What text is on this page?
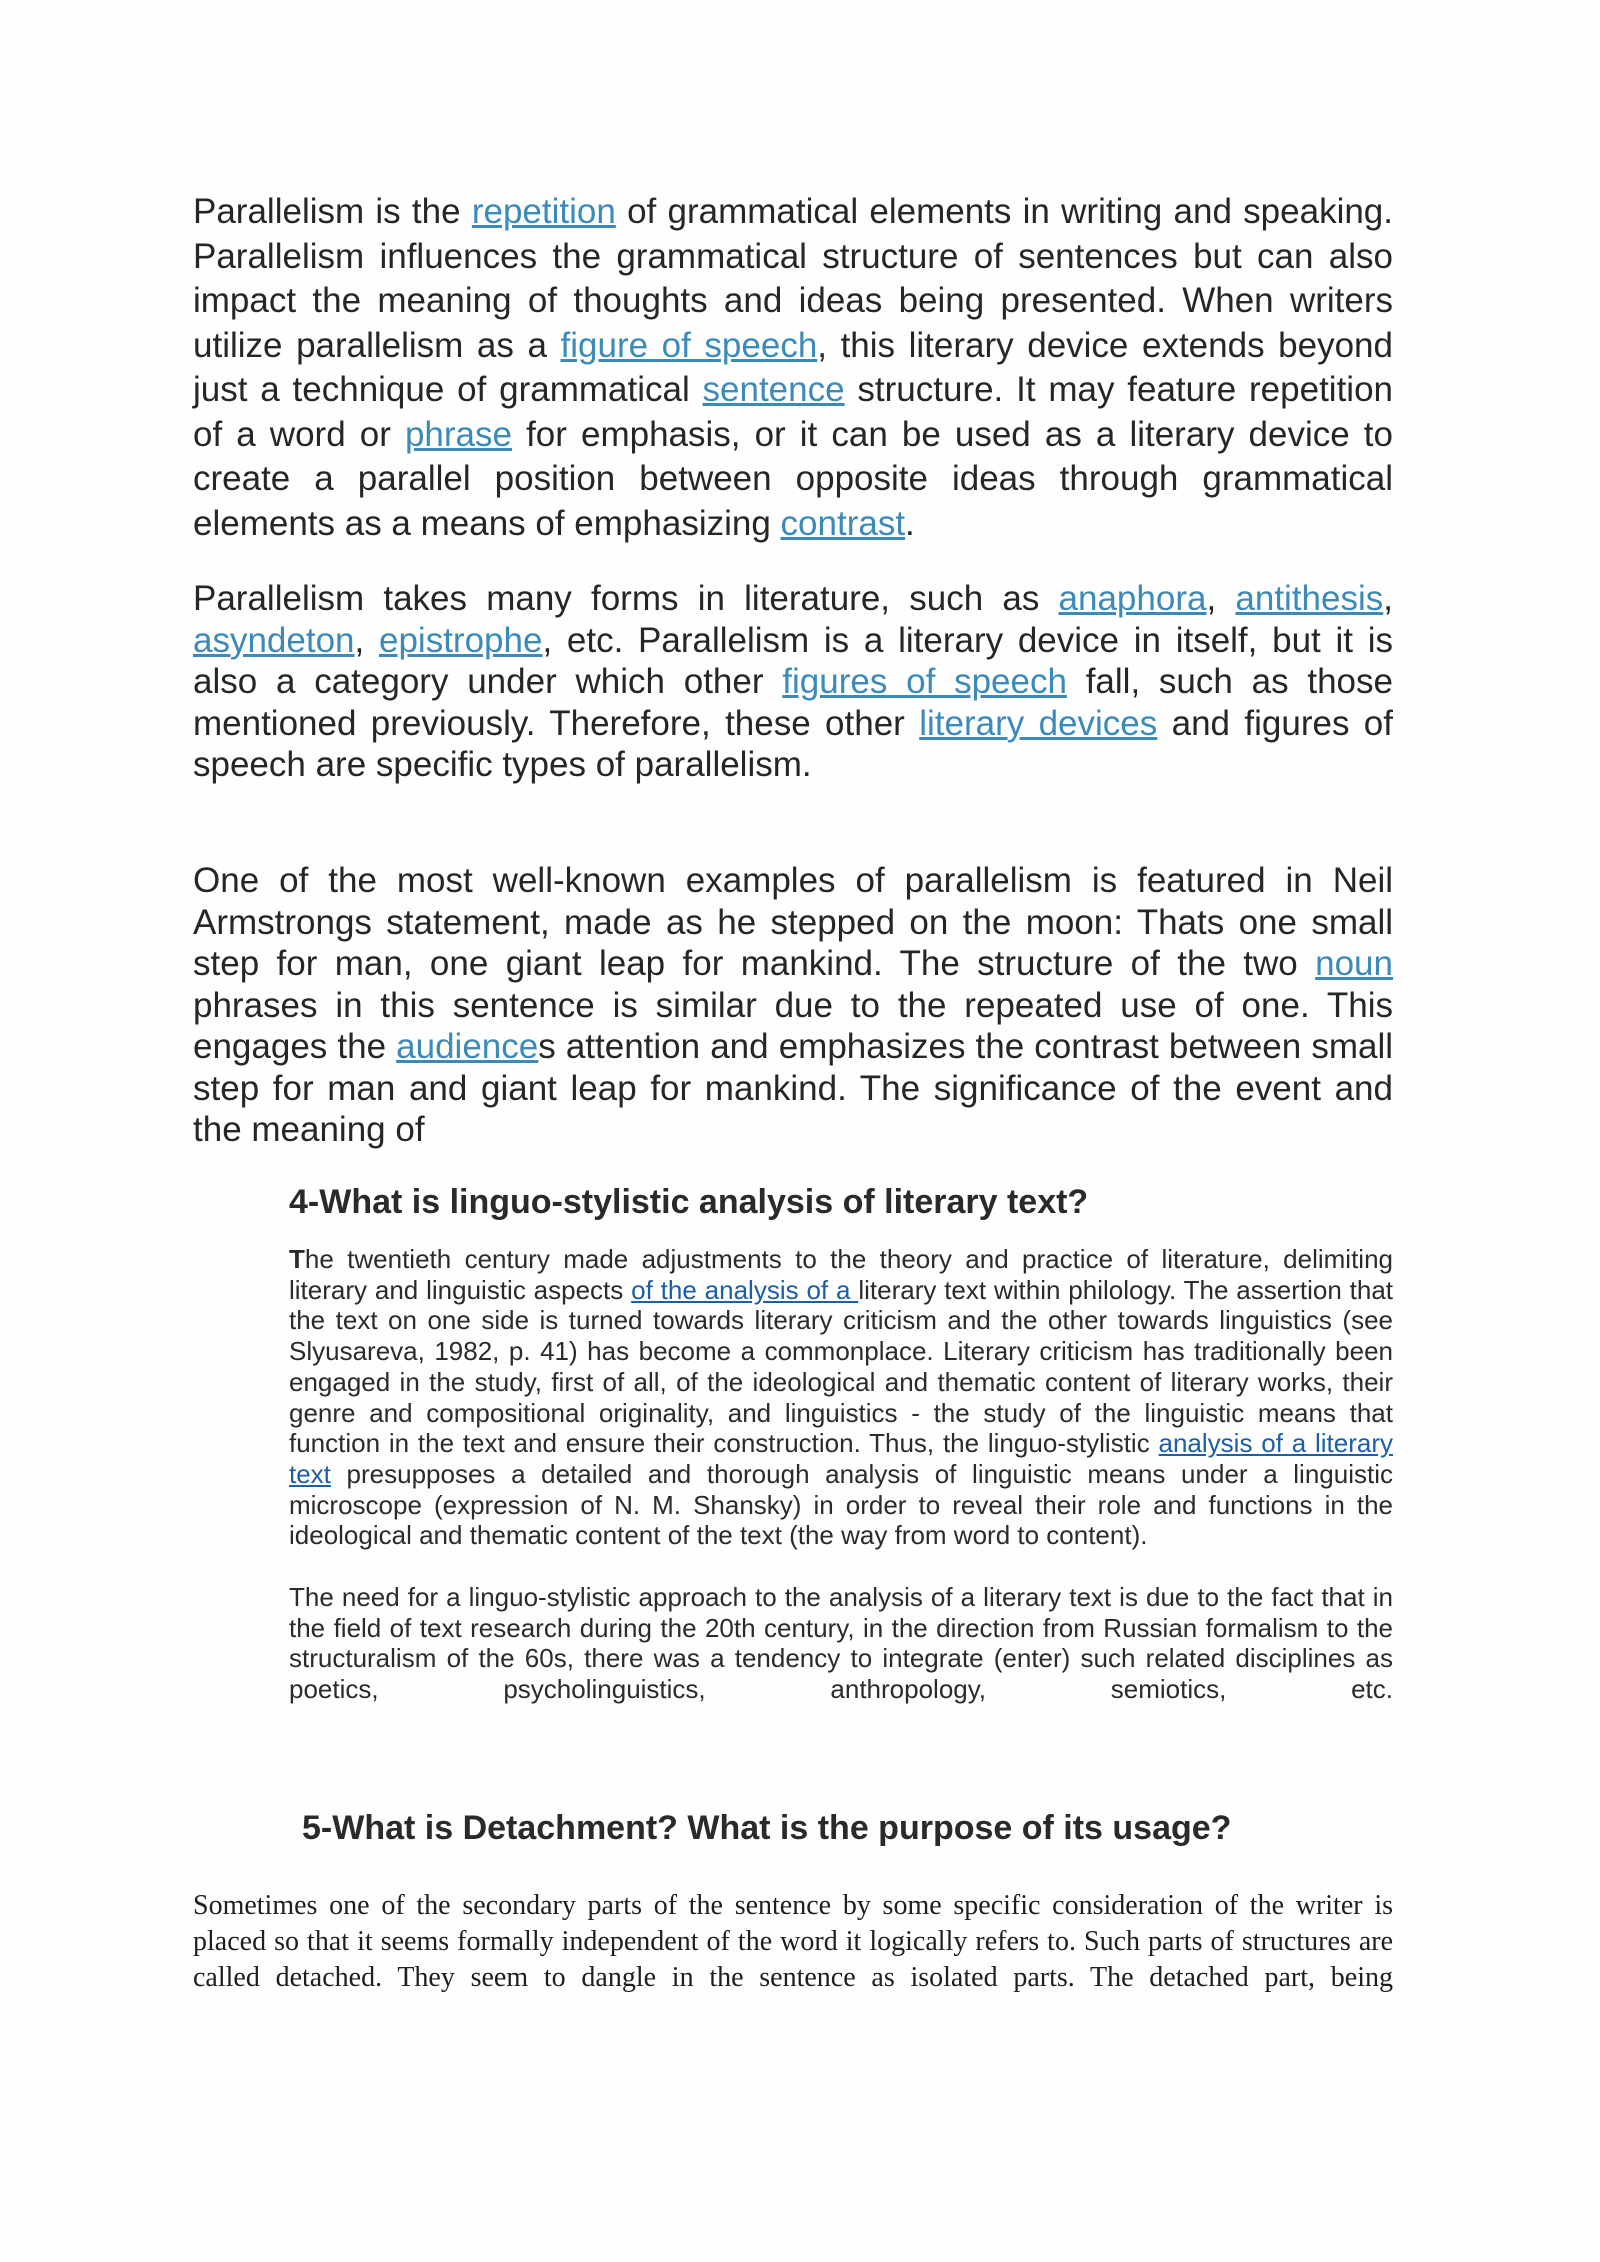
Parallelism is the repetition of grammatical elements in writing and speaking. Parallelism influences the grammatical structure of sentences but can also impact the meaning of thoughts and ideas being presented. When writers utilize parallelism as a figure of speech, this literary device extends beyond just a technique of grammatical sentence structure. It may feature repetition of a word or phrase for emphasis, or it can be used as a literary device to create a parallel position between opposite ideas through grammatical elements as a means of emphasizing contrast.

Parallelism takes many forms in literature, such as anaphora, antithesis, asyndeton, epistrophe, etc. Parallelism is a literary device in itself, but it is also a category under which other figures of speech fall, such as those mentioned previously. Therefore, these other literary devices and figures of speech are specific types of parallelism.

One of the most well-known examples of parallelism is featured in Neil Armstrongs statement, made as he stepped on the moon: Thats one small step for man, one giant leap for mankind. The structure of the two noun phrases in this sentence is similar due to the repeated use of one. This engages the audiences attention and emphasizes the contrast between small step for man and giant leap for mankind. The significance of the event and the meaning of

4-What is linguo-stylistic analysis of literary text?

The twentieth century made adjustments to the theory and practice of literature, delimiting literary and linguistic aspects of the analysis of a literary text within philology. The assertion that the text on one side is turned towards literary criticism and the other towards linguistics (see Slyusareva, 1982, p. 41) has become a commonplace. Literary criticism has traditionally been engaged in the study, first of all, of the ideological and thematic content of literary works, their genre and compositional originality, and linguistics - the study of the linguistic means that function in the text and ensure their construction. Thus, the linguo-stylistic analysis of a literary text presupposes a detailed and thorough analysis of linguistic means under a linguistic microscope (expression of N. M. Shansky) in order to reveal their role and functions in the ideological and thematic content of the text (the way from word to content).

The need for a linguo-stylistic approach to the analysis of a literary text is due to the fact that in the field of text research during the 20th century, in the direction from Russian formalism to the structuralism of the 60s, there was a tendency to integrate (enter) such related disciplines as poetics, psycholinguistics, anthropology, semiotics, etc.

5-What is Detachment? What is the purpose of its usage?

Sometimes one of the secondary parts of the sentence by some specific consideration of the writer is placed so that it seems formally independent of the word it logically refers to. Such parts of structures are called detached. They seem to dangle in the sentence as isolated parts. The detached part, being
